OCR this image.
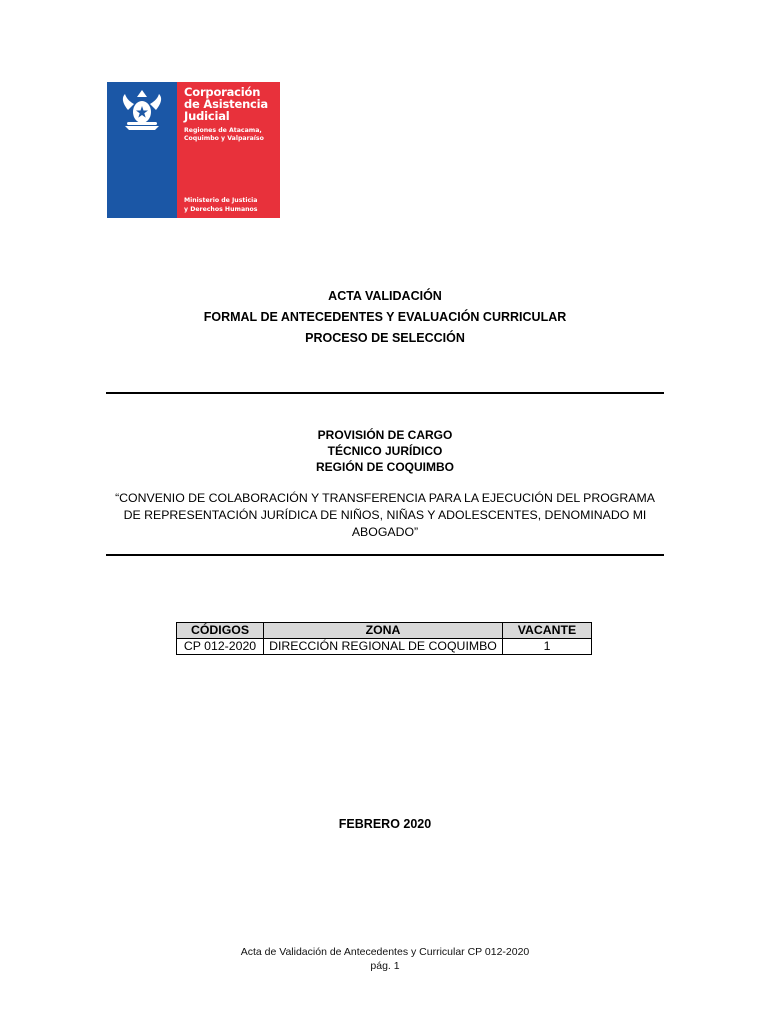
Corporación
de Asistencia
Judicial
Regiones de Atacama,
Coquimbo y Valparaíso
Ministerio de Justicia
y Derechos Humanos
ACTA VALIDACIÓN
FORMAL DE ANTECEDENTES Y EVALUACIÓN CURRICULAR
PROCESO DE SELECCIÓN
PROVISIÓN DE CARGO
TÉCNICO JURÍDICO
REGIÓN DE COQUIMBO
“CONVENIO DE COLABORACIÓN Y TRANSFERENCIA PARA LA EJECUCIÓN DEL PROGRAMA DE REPRESENTACIÓN JURÍDICA DE NIÑOS, NIÑAS Y ADOLESCENTES, DENOMINADO MI ABOGADO”
CÓDIGOS	ZONA	VACANTE
CP 012-2020	DIRECCIÓN REGIONAL DE COQUIMBO	1
FEBRERO 2020
Acta de Validación de Antecedentes y Curricular CP 012-2020
pág. 1
